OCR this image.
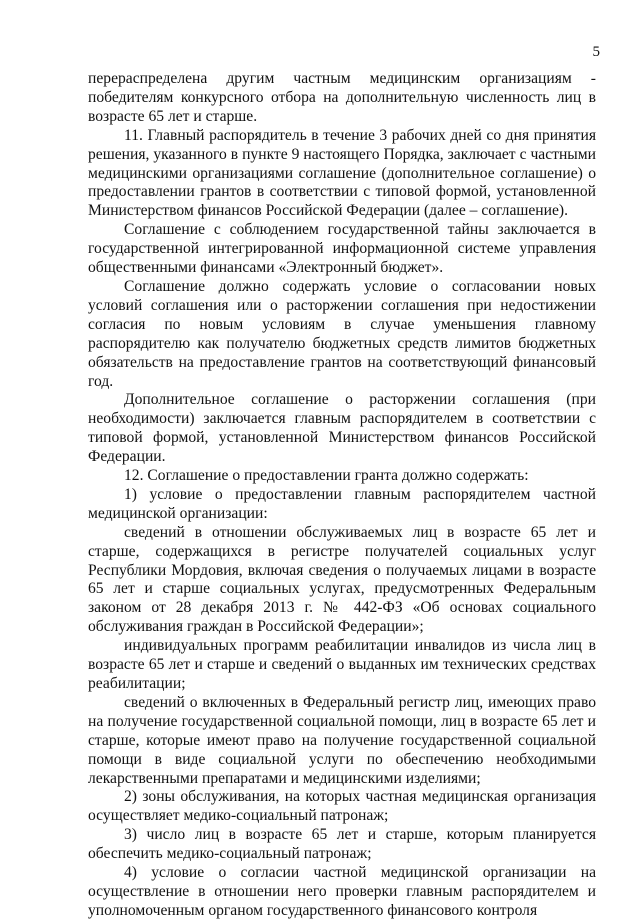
5

перераспределена другим частным медицинским организациям - победителям конкурсного отбора на дополнительную численность лиц в возрасте 65 лет и старше.

11. Главный распорядитель в течение 3 рабочих дней со дня принятия решения, указанного в пункте 9 настоящего Порядка, заключает с частными медицинскими организациями соглашение (дополнительное соглашение) о предоставлении грантов в соответствии с типовой формой, установленной Министерством финансов Российской Федерации (далее – соглашение).

Соглашение с соблюдением государственной тайны заключается в государственной интегрированной информационной системе управления общественными финансами «Электронный бюджет».

Соглашение должно содержать условие о согласовании новых условий соглашения или о расторжении соглашения при недостижении согласия по новым условиям в случае уменьшения главному распорядителю как получателю бюджетных средств лимитов бюджетных обязательств на предоставление грантов на соответствующий финансовый год.

Дополнительное соглашение о расторжении соглашения (при необходимости) заключается главным распорядителем в соответствии с типовой формой, установленной Министерством финансов Российской Федерации.

12. Соглашение о предоставлении гранта должно содержать:

1) условие о предоставлении главным распорядителем частной медицинской организации:

сведений в отношении обслуживаемых лиц в возрасте 65 лет и старше, содержащихся в регистре получателей социальных услуг Республики Мордовия, включая сведения о получаемых лицами в возрасте 65 лет и старше социальных услугах, предусмотренных Федеральным законом от 28 декабря 2013 г. № 442-ФЗ «Об основах социального обслуживания граждан в Российской Федерации»;

индивидуальных программ реабилитации инвалидов из числа лиц в возрасте 65 лет и старше и сведений о выданных им технических средствах реабилитации;

сведений о включенных в Федеральный регистр лиц, имеющих право на получение государственной социальной помощи, лиц в возрасте 65 лет и старше, которые имеют право на получение государственной социальной помощи в виде социальной услуги по обеспечению необходимыми лекарственными препаратами и медицинскими изделиями;

2) зоны обслуживания, на которых частная медицинская организация осуществляет медико-социальный патронаж;

3) число лиц в возрасте 65 лет и старше, которым планируется обеспечить медико-социальный патронаж;

4) условие о согласии частной медицинской организации на осуществление в отношении него проверки главным распорядителем и уполномоченным органом государственного финансового контроля
